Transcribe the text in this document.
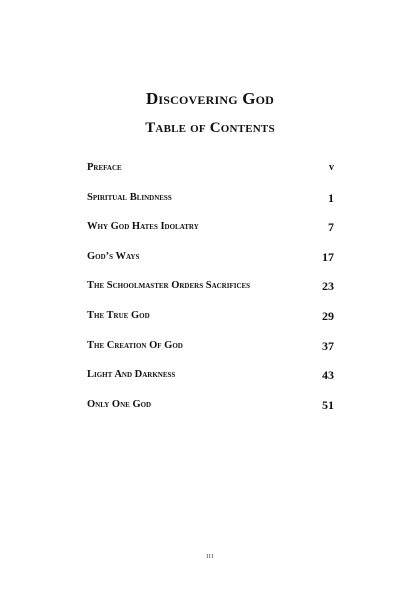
Discovering God
Table of Contents
Preface	v
Spiritual Blindness	1
Why God Hates Idolatry	7
God’s Ways	17
The Schoolmaster Orders Sacrifices	23
The True God	29
The Creation Of God	37
Light And Darkness	43
Only One God	51
iii
